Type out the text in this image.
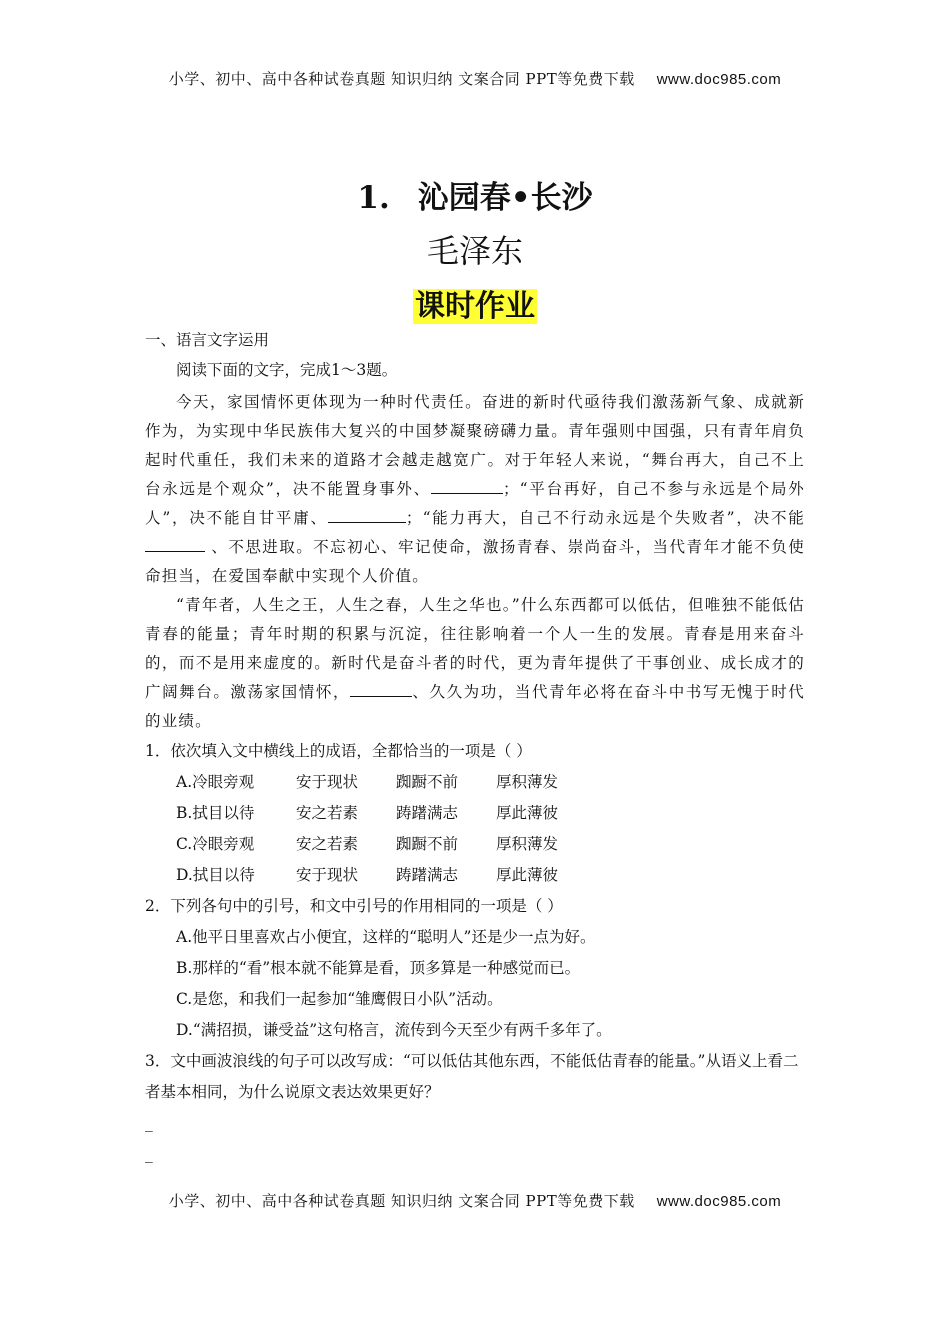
小学、初中、高中各种试卷真题 知识归纳 文案合同 PPT等免费下载 www.doc985.com
1. 沁园春•长沙
毛泽东
课时作业
一、语言文字运用
阅读下面的文字，完成1～3题。
今天，家国情怀更体现为一种时代责任。奋进的新时代亟待我们激荡新气象、成就新作为，为实现中华民族伟大复兴的中国梦凝聚磅礴力量。青年强则中国强，只有青年肩负起时代重任，我们未来的道路才会越走越宽广。对于年轻人来说，“舞台再大，自己不上台永远是个观众”，决不能置身事外、	；“平台再好，自己不参与永远是个局外人”，决不能自甘平庸、	；“能力再大，自己不行动永远是个失败者”，决不能  、不思进取。不忘初心、牢记使命，激扬青春、崇尚奋斗，当代青年才能不负使命担当，在爱国奉献中实现个人价值。
“青年者，人生之王，人生之春，人生之华也。”什么东西都可以低估，但唯独不能低估青春的能量；青年时期的积累与沉淀，往往影响着一个人一生的发展。青春是用来奋斗的，而不是用来虚度的。新时代是奋斗者的时代，更为青年提供了干事创业、成长成才的广阔舞台。激荡家国情怀，	、久久为功，当代青年必将在奋斗中书写无愧于时代的业绩。
1．依次填入文中横线上的成语，全都恰当的一项是（ ）
A.冷眼旁观	安于现状	踟蹰不前	厚积薄发
B.拭目以待	安之若素	踌躇满志	厚此薄彼
C.冷眼旁观	安之若素	踟蹰不前	厚积薄发
D.拭目以待	安于现状	踌躇满志	厚此薄彼
2．下列各句中的引号，和文中引号的作用相同的一项是（ ）
A.他平日里喜欢占小便宜，这样的“聪明人”还是少一点为好。
B.那样的“看”根本就不能算是看，顶多算是一种感觉而已。
C.是您，和我们一起参加“雏鹰假日小队”活动。
D.“满招损，谦受益”这句格言，流传到今天至少有两千多年了。
3．文中画波浪线的句子可以改写成：“可以低估其他东西，不能低估青春的能量。”从语义上看二者基本相同，为什么说原文表达效果更好？
_
_
小学、初中、高中各种试卷真题 知识归纳 文案合同 PPT等免费下载 www.doc985.com
